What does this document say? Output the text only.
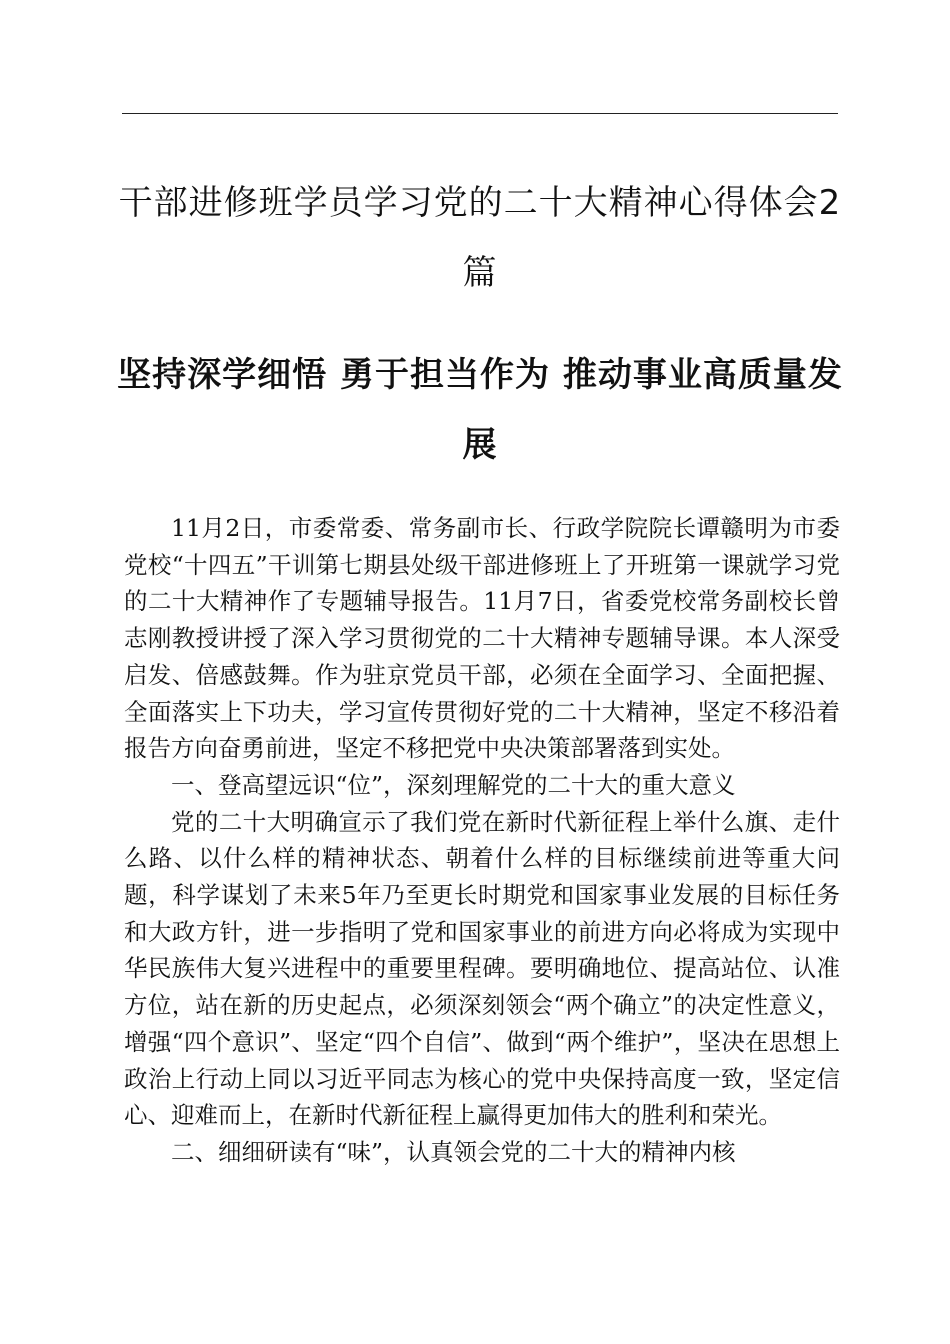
干部进修班学员学习党的二十大精神心得体会2篇
坚持深学细悟 勇于担当作为 推动事业高质量发展

11月2日，市委常委、常务副市长、行政学院院长谭赣明为市委党校“十四五”干训第七期县处级干部进修班上了开班第一课就学习党的二十大精神作了专题辅导报告。11月7日，省委党校常务副校长曾志刚教授讲授了深入学习贯彻党的二十大精神专题辅导课。本人深受启发、倍感鼓舞。作为驻京党员干部，必须在全面学习、全面把握、全面落实上下功夫，学习宣传贯彻好党的二十大精神，坚定不移沿着报告方向奋勇前进，坚定不移把党中央决策部署落到实处。

一、登高望远识“位”，深刻理解党的二十大的重大意义

党的二十大明确宣示了我们党在新时代新征程上举什么旗、走什么路、以什么样的精神状态、朝着什么样的目标继续前进等重大问题，科学谋划了未来5年乃至更长时期党和国家事业发展的目标任务和大政方针，进一步指明了党和国家事业的前进方向必将成为实现中华民族伟大复兴进程中的重要里程碑。要明确地位、提高站位、认准方位，站在新的历史起点，必须深刻领会“两个确立”的决定性意义，增强“四个意识”、坚定“四个自信”、做到“两个维护”，坚决在思想上政治上行动上同以习近平同志为核心的党中央保持高度一致，坚定信心、迎难而上，在新时代新征程上赢得更加伟大的胜利和荣光。

二、细细研读有“味”，认真领会党的二十大的精神内核
